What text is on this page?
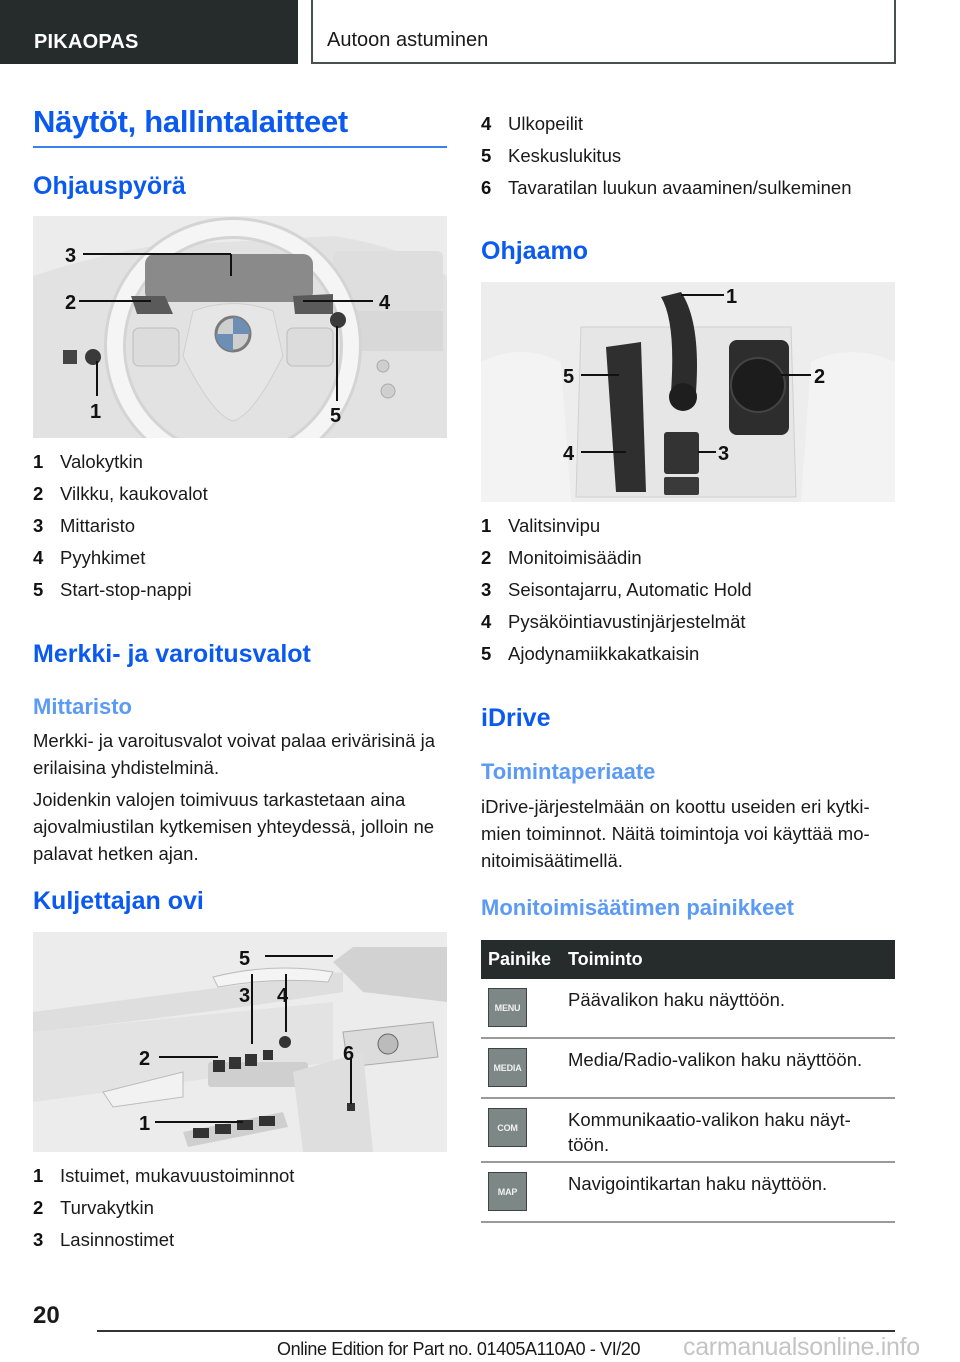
PIKAOPAS	Autoon astuminen
Näytöt, hallintalaitteet
Ohjauspyörä
3
2	4
1	5
1 Valokytkin
2 Vilkku, kaukovalot
3 Mittaristo
4 Pyyhkimet
5 Start-stop-nappi
Merkki- ja varoitusvalot
Mittaristo
Merkki- ja varoitusvalot voivat palaa erivärisinä ja erilaisina yhdistelminä.
Joidenkin valojen toimivuus tarkastetaan aina ajovalmiustilan kytkemisen yhteydessä, jolloin ne palavat hetken ajan.
Kuljettajan ovi
5
3 4
2	6
1
1 Istuimet, mukavuustoiminnot
2 Turvakytkin
3 Lasinnostimet
4 Ulkopeilit
5 Keskuslukitus
6 Tavaratilan luukun avaaminen/sulkeminen
Ohjaamo
1
2
3
4
5
1 Valitsinvipu
2 Monitoimisäädin
3 Seisontajarru, Automatic Hold
4 Pysäköintiavustinjärjestelmät
5 Ajodynamiikkakatkaisin
iDrive
Toimintaperiaate
iDrive-järjestelmään on koottu useiden eri kytki-mien toiminnot. Näitä toimintoja voi käyttää mo-nitoimisäätimellä.
Monitoimisäätimen painikkeet
Painike Toiminto
MENU	Päävalikon haku näyttöön.
MEDIA	Media/Radio-valikon haku näyttöön.
COM	Kommunikaatio-valikon haku näyt-töön.
MAP	Navigointikartan haku näyttöön.
20
Online Edition for Part no. 01405A110A0 - VI/20 carmanualsonline.info
